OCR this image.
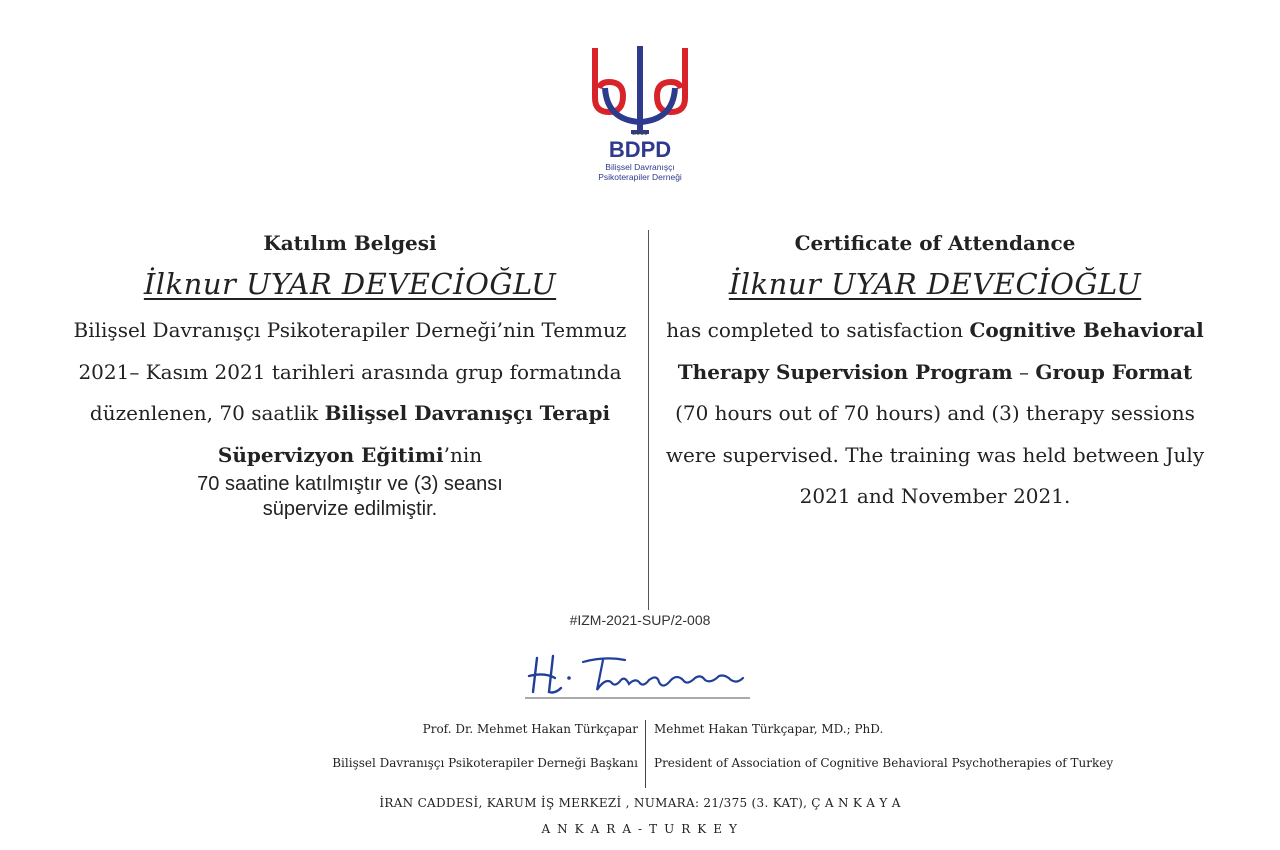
2010
BDPD
Bilişsel Davranışçı
Psikoterapiler Derneği

Katılım Belgesi

İlknur UYAR DEVECİOĞLU

Bilişsel Davranışçı Psikoterapiler Derneği’nin Temmuz 2021– Kasım 2021 tarihleri arasında grup formatında düzenlenen, 70 saatlik Bilişsel Davranışçı Terapi Süpervizyon Eğitimi’nin

70 saatine katılmıştır ve (3) seansı
süpervize edilmiştir.

Certificate of Attendance

İlknur UYAR DEVECİOĞLU

has completed to satisfaction Cognitive Behavioral Therapy Supervision Program – Group Format (70 hours out of 70 hours) and (3) therapy sessions were supervised. The training was held between July 2021 and November 2021.

#IZM-2021-SUP/2-008
Prof. Dr. Mehmet Hakan Türkçapar Mehmet Hakan Türkçapar, MD.; PhD.
Bilişsel Davranışçı Psikoterapiler Derneği Başkanı President of Association of Cognitive Behavioral Psychotherapies of Turkey
İRAN CADDESİ, KARUM İŞ MERKEZİ , NUMARA: 21/375 (3. KAT), Ç A N K A Y A
A N K A R A - T U R K E Y
